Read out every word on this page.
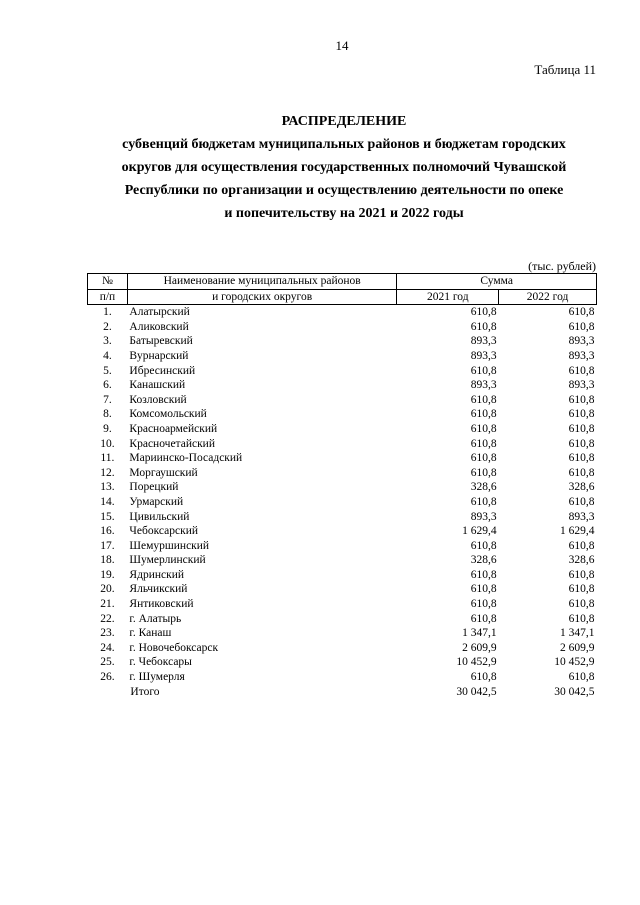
14
Таблица 11
РАСПРЕДЕЛЕНИЕ
субвенций бюджетам муниципальных районов и бюджетам городских
округов для осуществления государственных полномочий Чувашской
Республики по организации и осуществлению деятельности по опеке
и попечительству на 2021 и 2022 годы
(тыс. рублей)
№	Наименование муниципальных районов	Сумма	
п/п	и городских округов	2021 год	2022 год
1.	Алатырский	610,8	610,8
2.	Аликовский	610,8	610,8
3.	Батыревский	893,3	893,3
4.	Вурнарский	893,3	893,3
5.	Ибресинский	610,8	610,8
6.	Канашский	893,3	893,3
7.	Козловский	610,8	610,8
8.	Комсомольский	610,8	610,8
9.	Красноармейский	610,8	610,8
10.	Красночетайский	610,8	610,8
11.	Мариинско-Посадский	610,8	610,8
12.	Моргаушский	610,8	610,8
13.	Порецкий	328,6	328,6
14.	Урмарский	610,8	610,8
15.	Цивильский	893,3	893,3
16.	Чебоксарский	1 629,4	1 629,4
17.	Шемуршинский	610,8	610,8
18.	Шумерлинский	328,6	328,6
19.	Ядринский	610,8	610,8
20.	Яльчикский	610,8	610,8
21.	Янтиковский	610,8	610,8
22.	г. Алатырь	610,8	610,8
23.	г. Канаш	1 347,1	1 347,1
24.	г. Новочебоксарск	2 609,9	2 609,9
25.	г. Чебоксары	10 452,9	10 452,9
26.	г. Шумерля	610,8	610,8
	Итого	30 042,5	30 042,5
